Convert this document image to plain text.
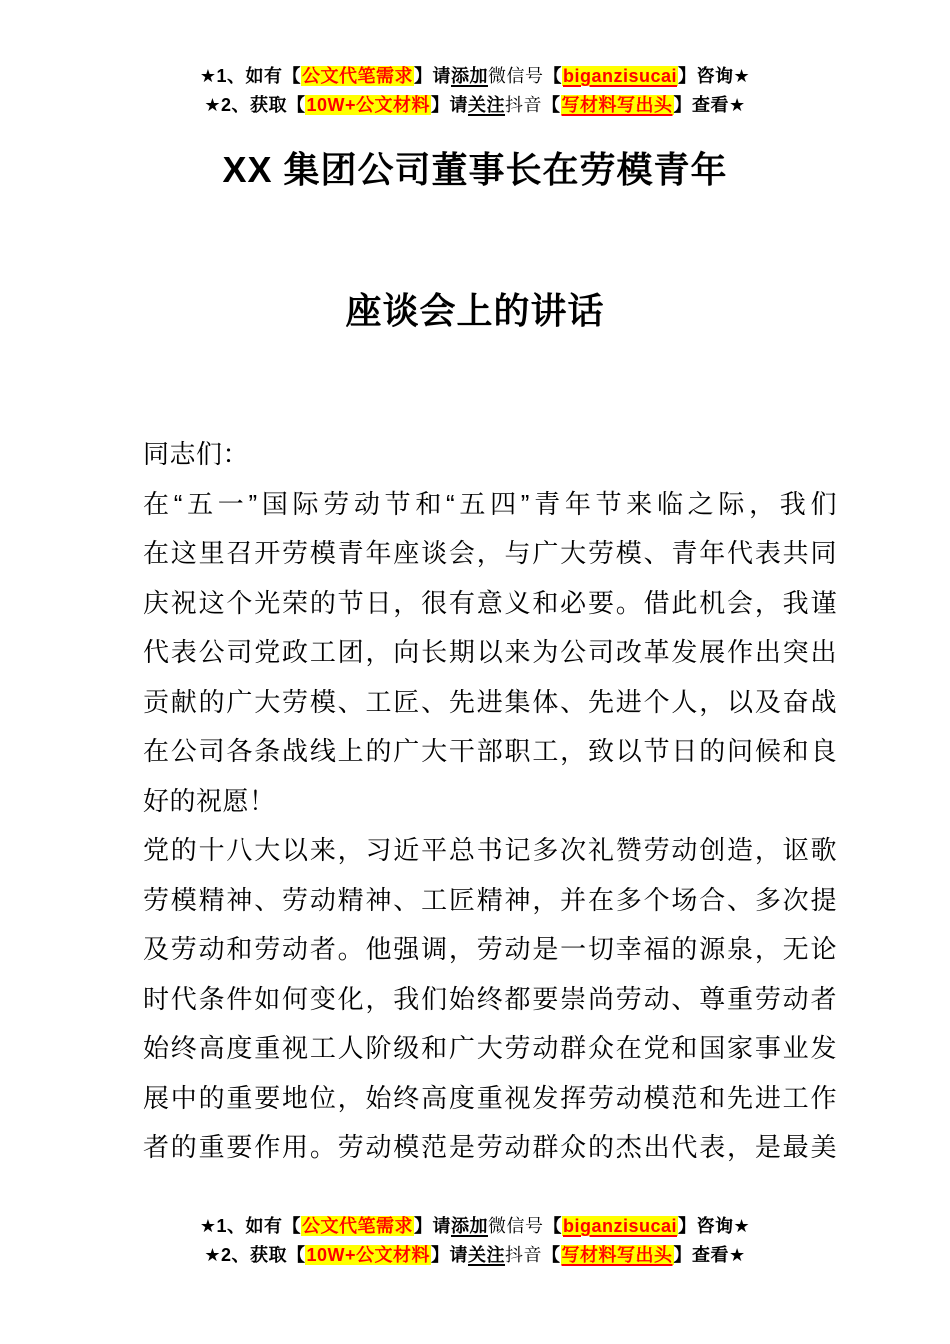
★1、如有【公文代笔需求】请添加微信号【biganzisucai】咨询★
★2、获取【10W+公文材料】请关注抖音【写材料写出头】查看★
XX 集团公司董事长在劳模青年
座谈会上的讲话
同志们：
在“五一”国际劳动节和“五四”青年节来临之际，我们
在这里召开劳模青年座谈会，与广大劳模、青年代表共同
庆祝这个光荣的节日，很有意义和必要。借此机会，我谨
代表公司党政工团，向长期以来为公司改革发展作出突出
贡献的广大劳模、工匠、先进集体、先进个人，以及奋战
在公司各条战线上的广大干部职工，致以节日的问候和良
好的祝愿！
党的十八大以来，习近平总书记多次礼赞劳动创造，讴歌
劳模精神、劳动精神、工匠精神，并在多个场合、多次提
及劳动和劳动者。他强调，劳动是一切幸福的源泉，无论
时代条件如何变化，我们始终都要崇尚劳动、尊重劳动者
始终高度重视工人阶级和广大劳动群众在党和国家事业发
展中的重要地位，始终高度重视发挥劳动模范和先进工作
者的重要作用。劳动模范是劳动群众的杰出代表，是最美
★1、如有【公文代笔需求】请添加微信号【biganzisucai】咨询★
★2、获取【10W+公文材料】请关注抖音【写材料写出头】查看★
